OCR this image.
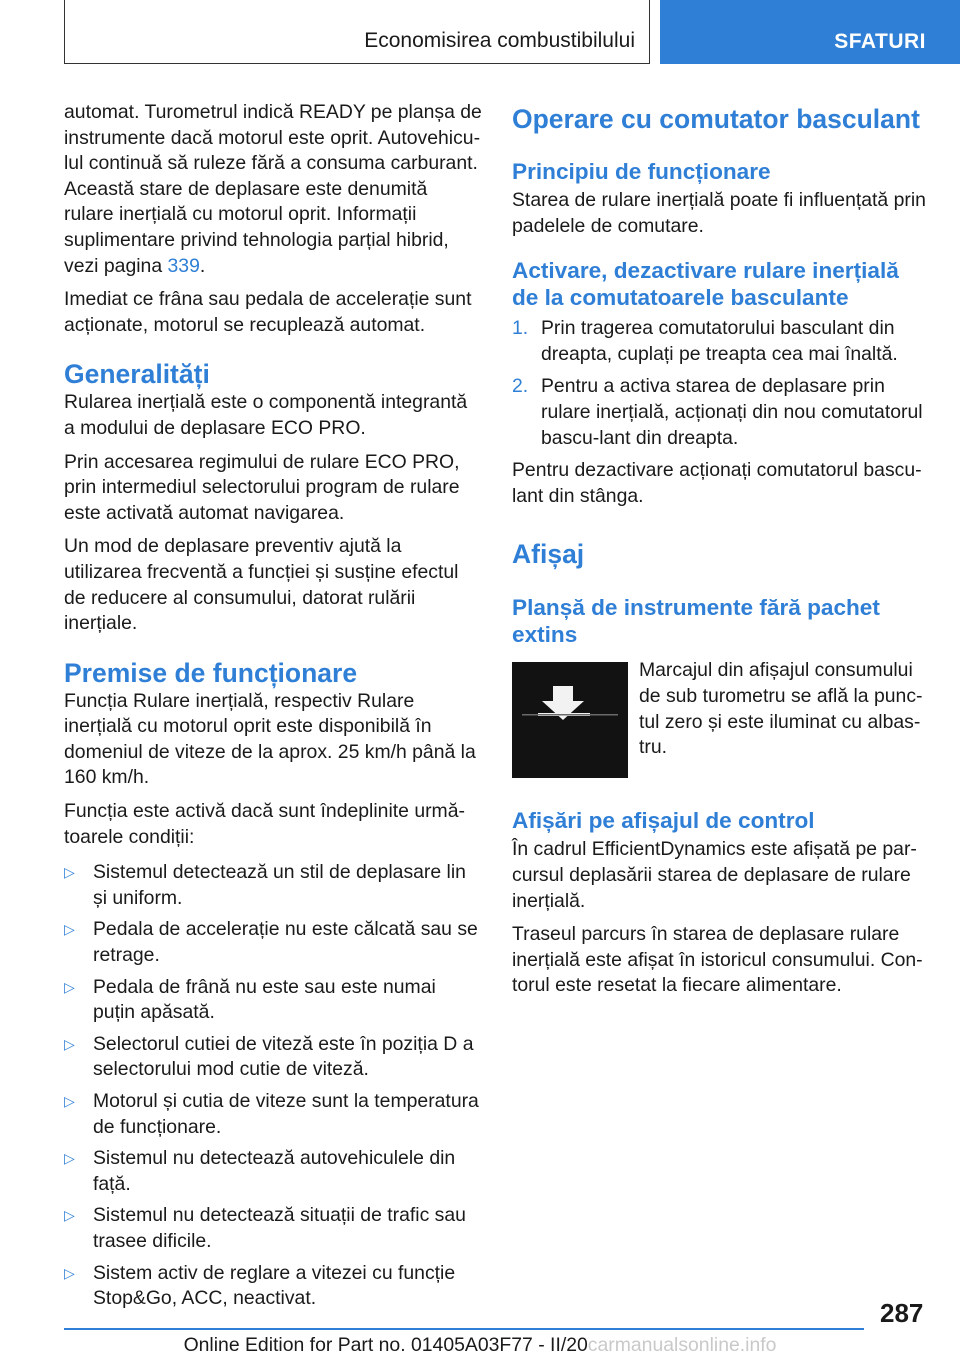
Economisirea combustibilului	SFATURI

automat. Turometrul indică READY pe planșa de instrumente dacă motorul este oprit. Autovehicu‐lul continuă să ruleze fără a consuma carburant. Această stare de deplasare este denumită rulare inerțială cu motorul oprit. Informații suplimentare privind tehnologia parțial hibrid, vezi pagina 339.

Imediat ce frâna sau pedala de accelerație sunt acționate, motorul se recuplează automat.

Generalități

Rularea inerțială este o componentă integrantă a modului de deplasare ECO PRO.

Prin accesarea regimului de rulare ECO PRO, prin intermediul selectorului program de rulare este activată automat navigarea.

Un mod de deplasare preventiv ajută la utilizarea frecventă a funcției și susține efectul de reducere al consumului, datorat rulării inerțiale.

Premise de funcționare

Funcția Rulare inerțială, respectiv Rulare inerțială cu motorul oprit este disponibilă în domeniul de viteze de la aprox. 25 km/h până la 160 km/h.

Funcția este activă dacă sunt îndeplinite urmă‐toarele condiții:

▷ Sistemul detectează un stil de deplasare lin și uniform.
▷ Pedala de accelerație nu este călcată sau se retrage.
▷ Pedala de frână nu este sau este numai puțin apăsată.
▷ Selectorul cutiei de viteză este în poziția D a selectorului mod cutie de viteză.
▷ Motorul și cutia de viteze sunt la temperatura de funcționare.
▷ Sistemul nu detectează autovehiculele din față.
▷ Sistemul nu detectează situații de trafic sau trasee dificile.
▷ Sistem activ de reglare a vitezei cu funcție Stop&Go, ACC, neactivat.
Operare cu comutator basculant
Principiu de funcționare

Starea de rulare inerțială poate fi influențată prin padelele de comutare.

Activare, dezactivare rulare inerțială de la comutatoarele basculante
1. Prin tragerea comutatorului basculant din dreapta, cuplați pe treapta cea mai înaltă.
2. Pentru a activa starea de deplasare prin rulare inerțială, acționați din nou comutatorul bascu‐lant din dreapta.

Pentru dezactivare acționați comutatorul bascu‐lant din stânga.

Afișaj
Planșă de instrumente fără pachet extins

Marcajul din afișajul consumului de sub turometru se află la punc‐tul zero și este iluminat cu albas‐tru.

Afișări pe afișajul de control

În cadrul EfficientDynamics este afișată pe par‐cursul deplasării starea de deplasare de rulare inerțială.

Traseul parcurs în starea de deplasare rulare inerțială este afișat în istoricul consumului. Con‐torul este resetat la fiecare alimentare.

287
Online Edition for Part no. 01405A03F77 - II/20carmanualsonline.info
